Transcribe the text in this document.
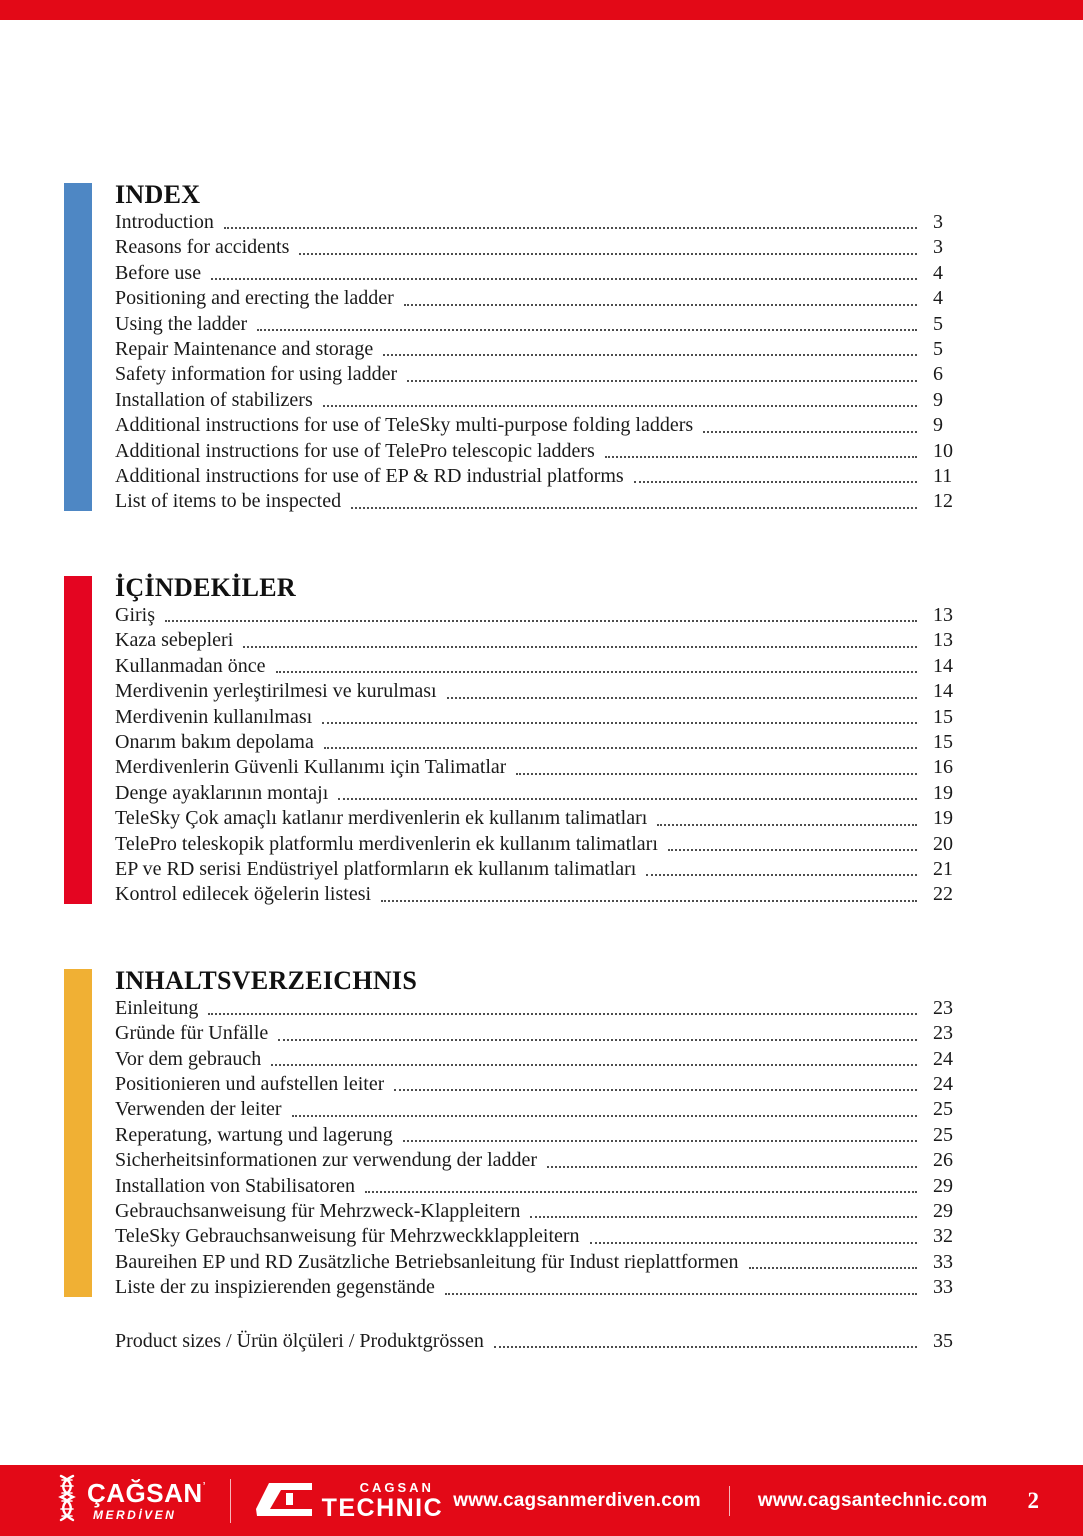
INDEX
Introduction	3
Reasons for accidents	3
Before use	4
Positioning and erecting the ladder	4
Using the ladder	5
Repair Maintenance and storage	5
Safety information for using ladder	6
Installation of stabilizers	9
Additional instructions for use of TeleSky multi-purpose folding ladders	9
Additional instructions for use of TelePro telescopic ladders	10
Additional instructions for use of EP & RD industrial platforms	11
List of items to be inspected	12
İÇİNDEKİLER
Giriş	13
Kaza sebepleri	13
Kullanmadan önce	14
Merdivenin yerleştirilmesi ve kurulması	14
Merdivenin kullanılması	15
Onarım bakım depolama	15
Merdivenlerin Güvenli Kullanımı için Talimatlar	16
Denge ayaklarının montajı	19
TeleSky Çok amaçlı katlanır merdivenlerin ek kullanım talimatları	19
TelePro teleskopik platformlu merdivenlerin ek kullanım talimatları	20
EP ve RD serisi Endüstriyel platformların ek kullanım talimatları	21
Kontrol edilecek öğelerin listesi	22
INHALTSVERZEICHNIS
Einleitung	23
Gründe für Unfälle	23
Vor dem gebrauch	24
Positionieren und aufstellen leiter	24
Verwenden der leiter	25
Reperatung, wartung und lagerung	25
Sicherheitsinformationen zur verwendung der ladder	26
Installation von Stabilisatoren	29
Gebrauchsanweisung für Mehrzweck-Klappleitern	29
TeleSky Gebrauchsanweisung für Mehrzweckklappleitern	32
Baureihen EP und RD Zusätzliche Betriebsanleitung für Indust rieplattformen	33
Liste der zu inspizierenden gegenstände	33
Product sizes / Ürün ölçüleri / Produktgrössen	35
ÇAĞSAN’
MERDİVEN
CAGSAN
TECHNIC www.cagsanmerdiven.com	www.cagsantechnic.com	2
